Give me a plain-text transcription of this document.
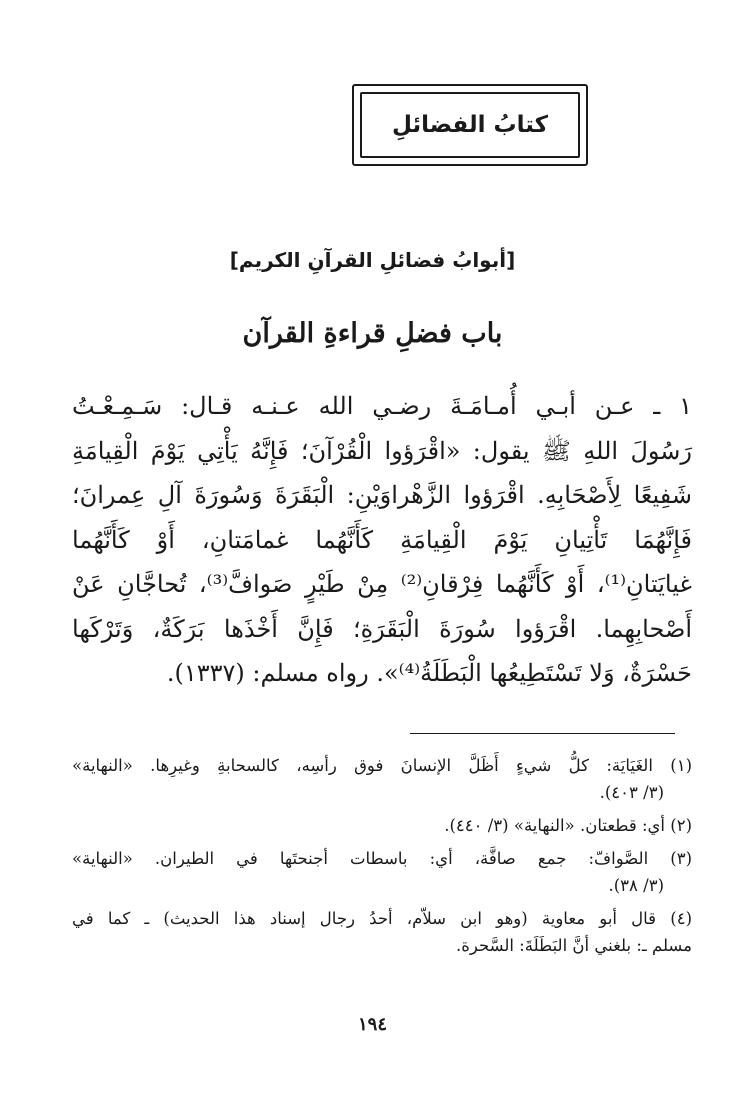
كتابُ الفضائلِ
[أبوابُ فضائلِ القرآنِ الكريم]
باب فضلِ قراءةِ القرآن
١ ـ عـن أبـي أُمـامَـةَ رضـي الله عـنـه قـال: سَـمِـعْـتُ
رَسُولَ اللهِ ﷺ يقول: «اقْرَؤوا الْقُرْآنَ؛ فَإِنَّهُ يَأْتِي يَوْمَ الْقِيامَةِ
شَفِيعًا لِأَصْحَابِهِ. اقْرَؤوا الزَّهْراوَيْنِ: الْبَقَرَةَ وَسُورَةَ آلِ عِمرانَ؛
فَإِنَّهُمَا تَأْتِيانِ يَوْمَ الْقِيامَةِ كَأَنَّهُما غمامَتانِ، أَوْ كَأَنَّهُما
غيايَتانِ⁽¹⁾، أَوْ كَأَنَّهُما فِرْقانِ⁽²⁾ مِنْ طَيْرٍ صَوافَّ⁽³⁾، تُحاجَّانِ عَنْ
أَصْحابِهِما. اقْرَؤوا سُورَةَ الْبَقَرَةِ؛ فَإِنَّ أَخْذَها بَرَكَةٌ، وَتَرْكَها
حَسْرَةٌ، وَلا تَسْتَطِيعُها الْبَطَلَةُ⁽⁴⁾». رواه مسلم: (١٣٣٧).
(١) الغَيَايَة: كلُّ شيءٍ أَظَلَّ الإنسانَ فوق رأسِه، كالسحابةِ وغيرِها. «النهاية»
(٣/ ٤٠٣).
(٢) أي: قطعتان. «النهاية» (٣/ ٤٤٠).
(٣) الصَّوافّ: جمع صافَّة، أي: باسطات أجنحتَها في الطيران. «النهاية»
(٣/ ٣٨).
(٤) قال أبو معاوية (وهو ابن سلاّم، أحدُ رجال إسناد هذا الحديث) ـ كما في
مسلم ـ: بلغني أنَّ البَطَلَةَ: السَّحرة.

١٩٤
